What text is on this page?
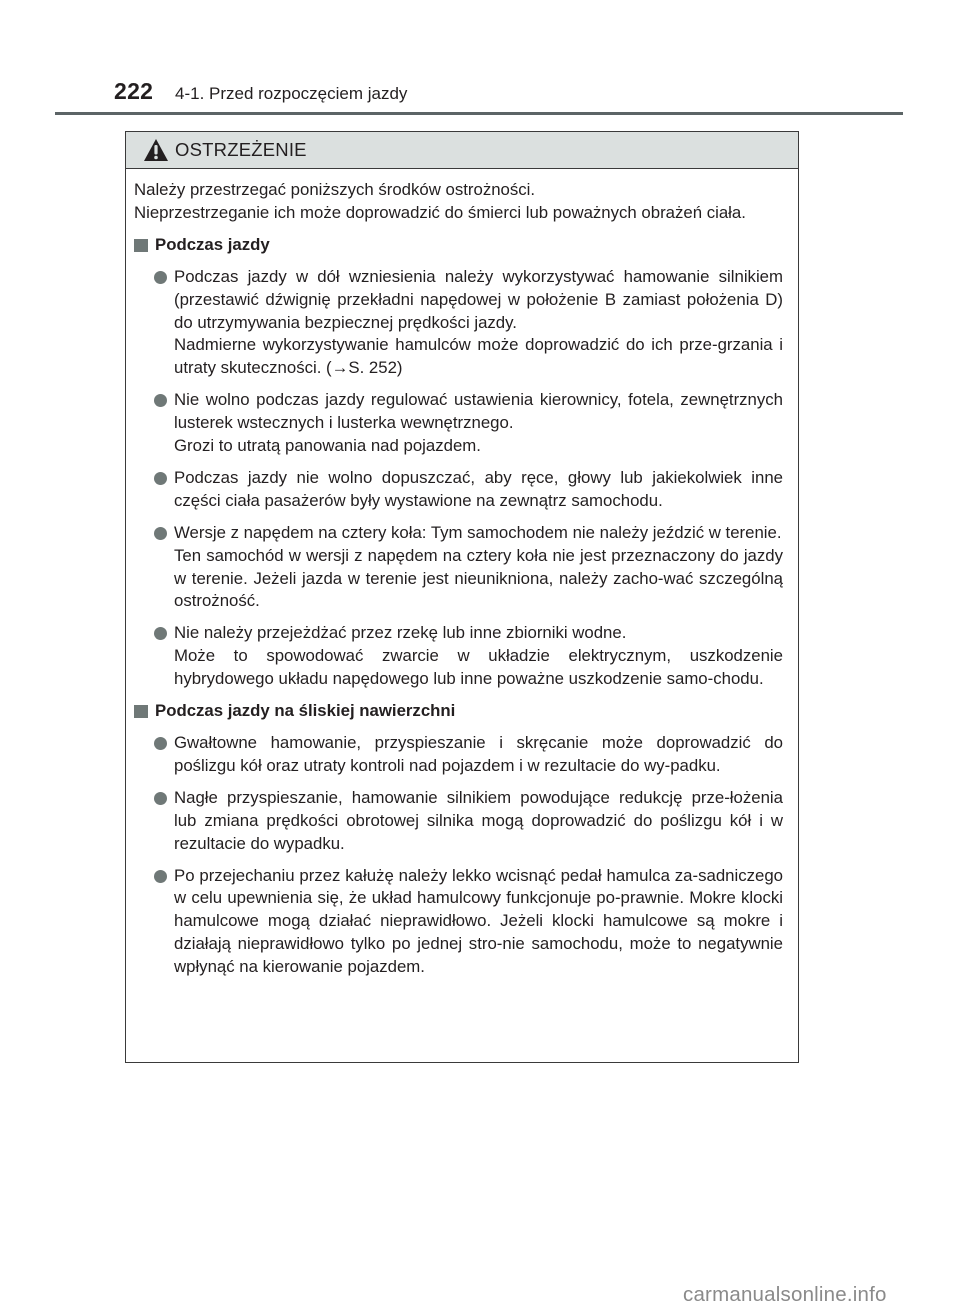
222 4-1. Przed rozpoczęciem jazdy
OSTRZEŻENIE

Należy przestrzegać poniższych środków ostrożności.

Nieprzestrzeganie ich może doprowadzić do śmierci lub poważnych obrażeń ciała.

Podczas jazdy

Podczas jazdy w dół wzniesienia należy wykorzystywać hamowanie silnikiem (przestawić dźwignię przekładni napędowej w położenie B zamiast położenia D) do utrzymywania bezpiecznej prędkości jazdy.

Nadmierne wykorzystywanie hamulców może doprowadzić do ich prze-grzania i utraty skuteczności. (→S. 252)

Nie wolno podczas jazdy regulować ustawienia kierownicy, fotela, zewnętrznych lusterek wstecznych i lusterka wewnętrznego.

Grozi to utratą panowania nad pojazdem.

Podczas jazdy nie wolno dopuszczać, aby ręce, głowy lub jakiekolwiek inne części ciała pasażerów były wystawione na zewnątrz samochodu.

Wersje z napędem na cztery koła: Tym samochodem nie należy jeździć w terenie.

Ten samochód w wersji z napędem na cztery koła nie jest przeznaczony do jazdy w terenie. Jeżeli jazda w terenie jest nieunikniona, należy zacho-wać szczególną ostrożność.

Nie należy przejeżdżać przez rzekę lub inne zbiorniki wodne.

Może to spowodować zwarcie w układzie elektrycznym, uszkodzenie hybrydowego układu napędowego lub inne poważne uszkodzenie samo-chodu.

Podczas jazdy na śliskiej nawierzchni

Gwałtowne hamowanie, przyspieszanie i skręcanie może doprowadzić do poślizgu kół oraz utraty kontroli nad pojazdem i w rezultacie do wy-padku.

Nagłe przyspieszanie, hamowanie silnikiem powodujące redukcję prze-łożenia lub zmiana prędkości obrotowej silnika mogą doprowadzić do poślizgu kół i w rezultacie do wypadku.

Po przejechaniu przez kałużę należy lekko wcisnąć pedał hamulca za-sadniczego w celu upewnienia się, że układ hamulcowy funkcjonuje po-prawnie. Mokre klocki hamulcowe mogą działać nieprawidłowo. Jeżeli klocki hamulcowe są mokre i działają nieprawidłowo tylko po jednej stro-nie samochodu, może to negatywnie wpłynąć na kierowanie pojazdem.

carmanualsonline.info
